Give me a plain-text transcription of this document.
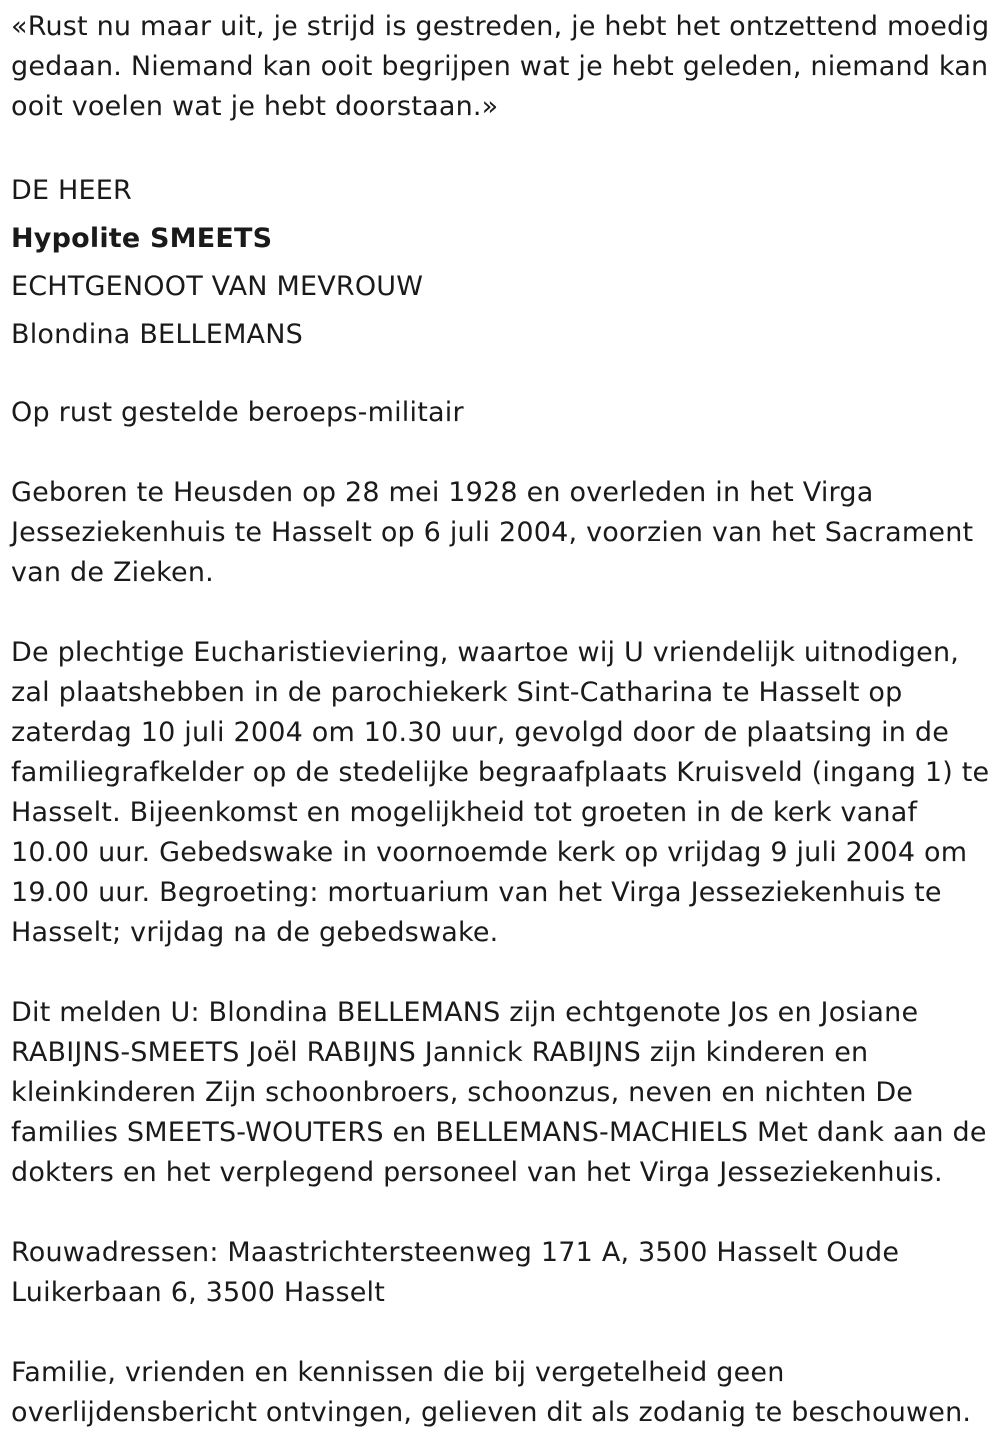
«Rust nu maar uit, je strijd is gestreden, je hebt het ontzettend moedig gedaan. Niemand kan ooit begrijpen wat je hebt geleden, niemand kan ooit voelen wat je hebt doorstaan.»

DE HEER

Hypolite SMEETS

ECHTGENOOT VAN MEVROUW

Blondina BELLEMANS

Op rust gestelde beroeps-militair

Geboren te Heusden op 28 mei 1928 en overleden in het Virga Jesseziekenhuis te Hasselt op 6 juli 2004, voorzien van het Sacrament van de Zieken.

De plechtige Eucharistieviering, waartoe wij U vriendelijk uitnodigen, zal plaatshebben in de parochiekerk Sint-Catharina te Hasselt op zaterdag 10 juli 2004 om 10.30 uur, gevolgd door de plaatsing in de familiegrafkelder op de stedelijke begraafplaats Kruisveld (ingang 1) te Hasselt. Bijeenkomst en mogelijkheid tot groeten in de kerk vanaf 10.00 uur. Gebedswake in voornoemde kerk op vrijdag 9 juli 2004 om 19.00 uur. Begroeting: mortuarium van het Virga Jesseziekenhuis te Hasselt; vrijdag na de gebedswake.

Dit melden U: Blondina BELLEMANS zijn echtgenote Jos en Josiane RABIJNS-SMEETS Joël RABIJNS Jannick RABIJNS zijn kinderen en kleinkinderen Zijn schoonbroers, schoonzus, neven en nichten De families SMEETS-WOUTERS en BELLEMANS-MACHIELS Met dank aan de dokters en het verplegend personeel van het Virga Jesseziekenhuis.

Rouwadressen: Maastrichtersteenweg 171 A, 3500 Hasselt Oude Luikerbaan 6, 3500 Hasselt

Familie, vrienden en kennissen die bij vergetelheid geen overlijdensbericht ontvingen, gelieven dit als zodanig te beschouwen.
